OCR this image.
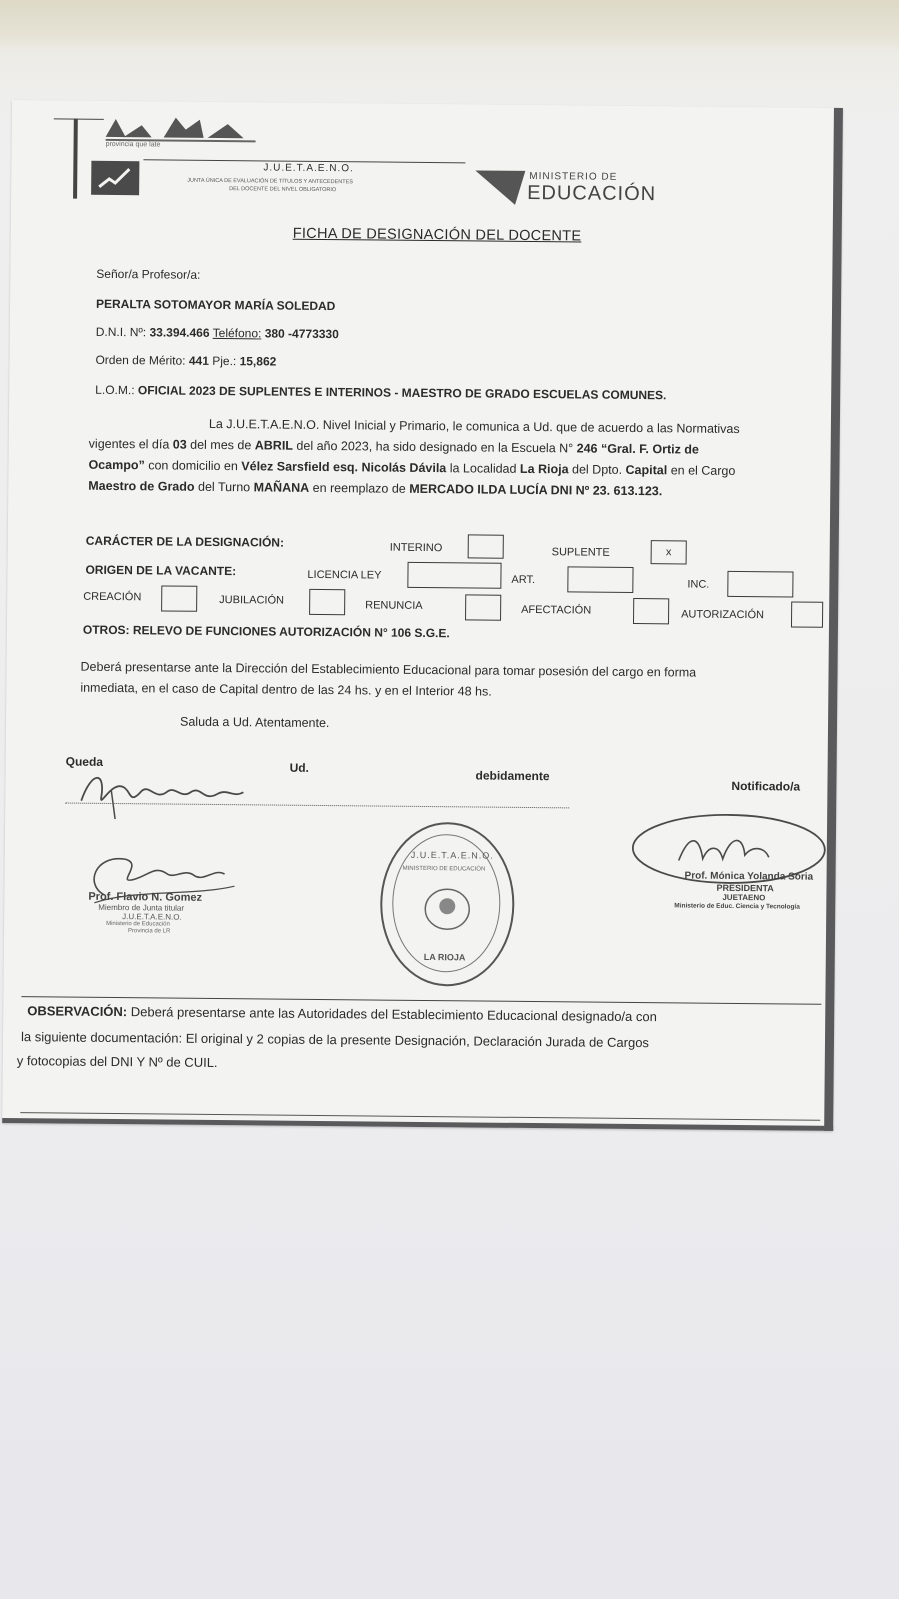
provincia que late
J.U.E.T.A.E.N.O.
JUNTA ÚNICA DE EVALUACIÓN DE TÍTULOS Y ANTECEDENTES
DEL DOCENTE DEL NIVEL OBLIGATORIO
MINISTERIO DE
EDUCACIÓN
FICHA DE DESIGNACIÓN DEL DOCENTE
Señor/a Profesor/a:
PERALTA SOTOMAYOR MARÍA SOLEDAD
D.N.I. Nº: 33.394.466 Teléfono: 380 -4773330
Orden de Mérito: 441 Pje.: 15,862
L.O.M.: OFICIAL 2023 DE SUPLENTES E INTERINOS - MAESTRO DE GRADO ESCUELAS COMUNES.
La J.U.E.T.A.E.N.O. Nivel Inicial y Primario, le comunica a Ud. que de acuerdo a las Normativas
vigentes el día 03 del mes de ABRIL del año 2023, ha sido designado en la Escuela N° 246 “Gral. F. Ortiz de
Ocampo” con domicilio en Vélez Sarsfield esq. Nicolás Dávila la Localidad La Rioja del Dpto. Capital en el Cargo
Maestro de Grado del Turno MAÑANA en reemplazo de MERCADO ILDA LUCÍA DNI Nº 23. 613.123.
CARÁCTER DE LA DESIGNACIÓN:	INTERINO	SUPLENTE	x
ORIGEN DE LA VACANTE:	LICENCIA LEY	ART.	INC.
CREACIÓN	JUBILACIÓN	RENUNCIA	AFECTACIÓN	AUTORIZACIÓN
OTROS: RELEVO DE FUNCIONES AUTORIZACIÓN N° 106 S.G.E.
Deberá presentarse ante la Dirección del Establecimiento Educacional para tomar posesión del cargo en forma
inmediata, en el caso de Capital dentro de las 24 hs. y en el Interior 48 hs.
Saluda a Ud. Atentamente.
Queda	Ud.
debidamente
Notificado/a
Prof. Flavio N. Gomez
Miembro de Junta titular
J.U.E.T.A.E.N.O.
Ministerio de Educación
Provincia de LR
J.U.E.T.A.E.N.O.
MINISTERIO DE EDUCACIÓN
LA RIOJA
Prof. Mónica Yolanda Soria
PRESIDENTA
JUETAENO
Ministerio de Educ. Ciencia y Tecnología
OBSERVACIÓN: Deberá presentarse ante las Autoridades del Establecimiento Educacional designado/a con
la siguiente documentación: El original y 2 copias de la presente Designación, Declaración Jurada de Cargos
y fotocopias del DNI Y Nº de CUIL.
